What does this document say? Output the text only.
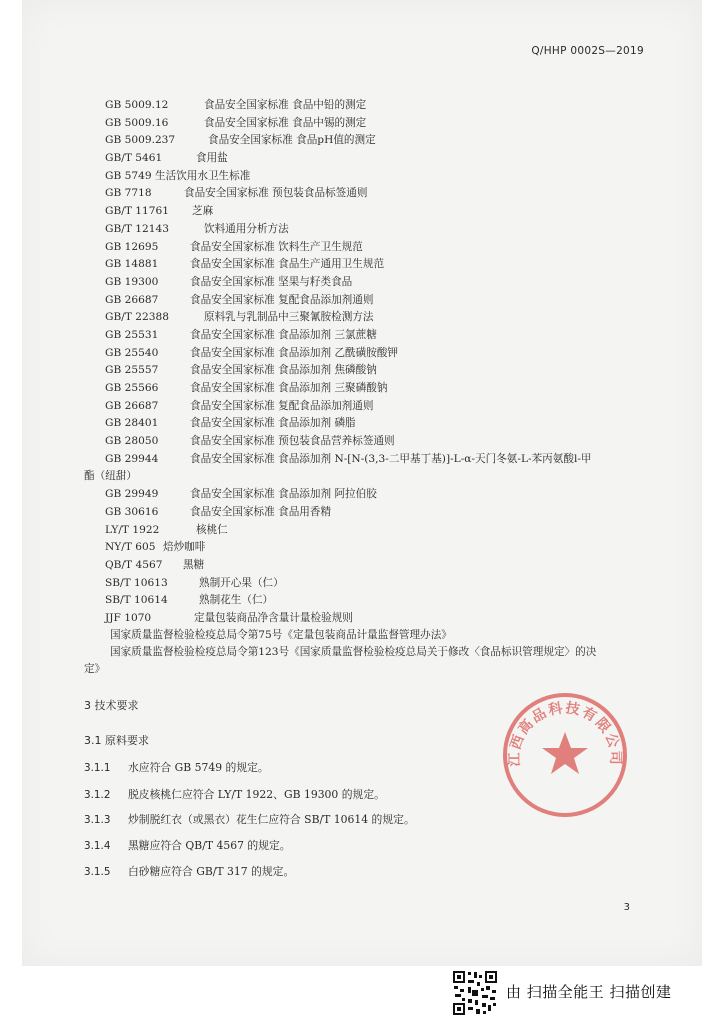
Q/HHP 0002S—2019
GB 5009.12	食品安全国家标准 食品中铅的测定
GB 5009.16	食品安全国家标准 食品中锡的测定
GB 5009.237	食品安全国家标准 食品pH值的测定
GB/T 5461	食用盐
GB 5749 生活饮用水卫生标准
GB 7718	食品安全国家标准 预包装食品标签通则
GB/T 11761 芝麻
GB/T 12143	饮料通用分析方法
GB 12695	食品安全国家标准 饮料生产卫生规范
GB 14881	食品安全国家标准 食品生产通用卫生规范
GB 19300	食品安全国家标准 坚果与籽类食品
GB 26687	食品安全国家标准 复配食品添加剂通则
GB/T 22388	原料乳与乳制品中三聚氰胺检测方法
GB 25531	食品安全国家标准 食品添加剂 三氯蔗糖
GB 25540	食品安全国家标准 食品添加剂 乙酰磺胺酸钾
GB 25557	食品安全国家标准 食品添加剂 焦磷酸钠
GB 25566	食品安全国家标准 食品添加剂 三聚磷酸钠
GB 26687	食品安全国家标准 复配食品添加剂通则
GB 28401	食品安全国家标准 食品添加剂 磷脂
GB 28050	食品安全国家标准 预包装食品营养标签通则
GB 29944	食品安全国家标准 食品添加剂 N-[N-(3,3-二甲基丁基)]-L-α-天门冬氨-L-苯丙氨酸l-甲
酯（纽甜）
GB 29949	食品安全国家标准 食品添加剂 阿拉伯胶
GB 30616	食品安全国家标准 食品用香精
LY/T 1922	核桃仁
NY/T 605 焙炒咖啡
QB/T 4567 黑糖
SB/T 10613	熟制开心果（仁）
SB/T 10614	熟制花生（仁）
JJF 1070	定量包装商品净含量计量检验规则
国家质量监督检验检疫总局令第75号《定量包装商品计量监督管理办法》
国家质量监督检验检疫总局令第123号《国家质量监督检验检疫总局关于修改〈食品标识管理规定〉的决
定》
3 技术要求
3.1 原料要求
3.1.1 水应符合 GB 5749 的规定。
3.1.2 脱皮核桃仁应符合 LY/T 1922、GB 19300 的规定。
3.1.3 炒制脱红衣（或黑衣）花生仁应符合 SB/T 10614 的规定。
3.1.4 黑糖应符合 QB/T 4567 的规定。
3.1.5 白砂糖应符合 GB/T 317 的规定。
3
江西高品科技有限公司
由 扫描全能王 扫描创建
